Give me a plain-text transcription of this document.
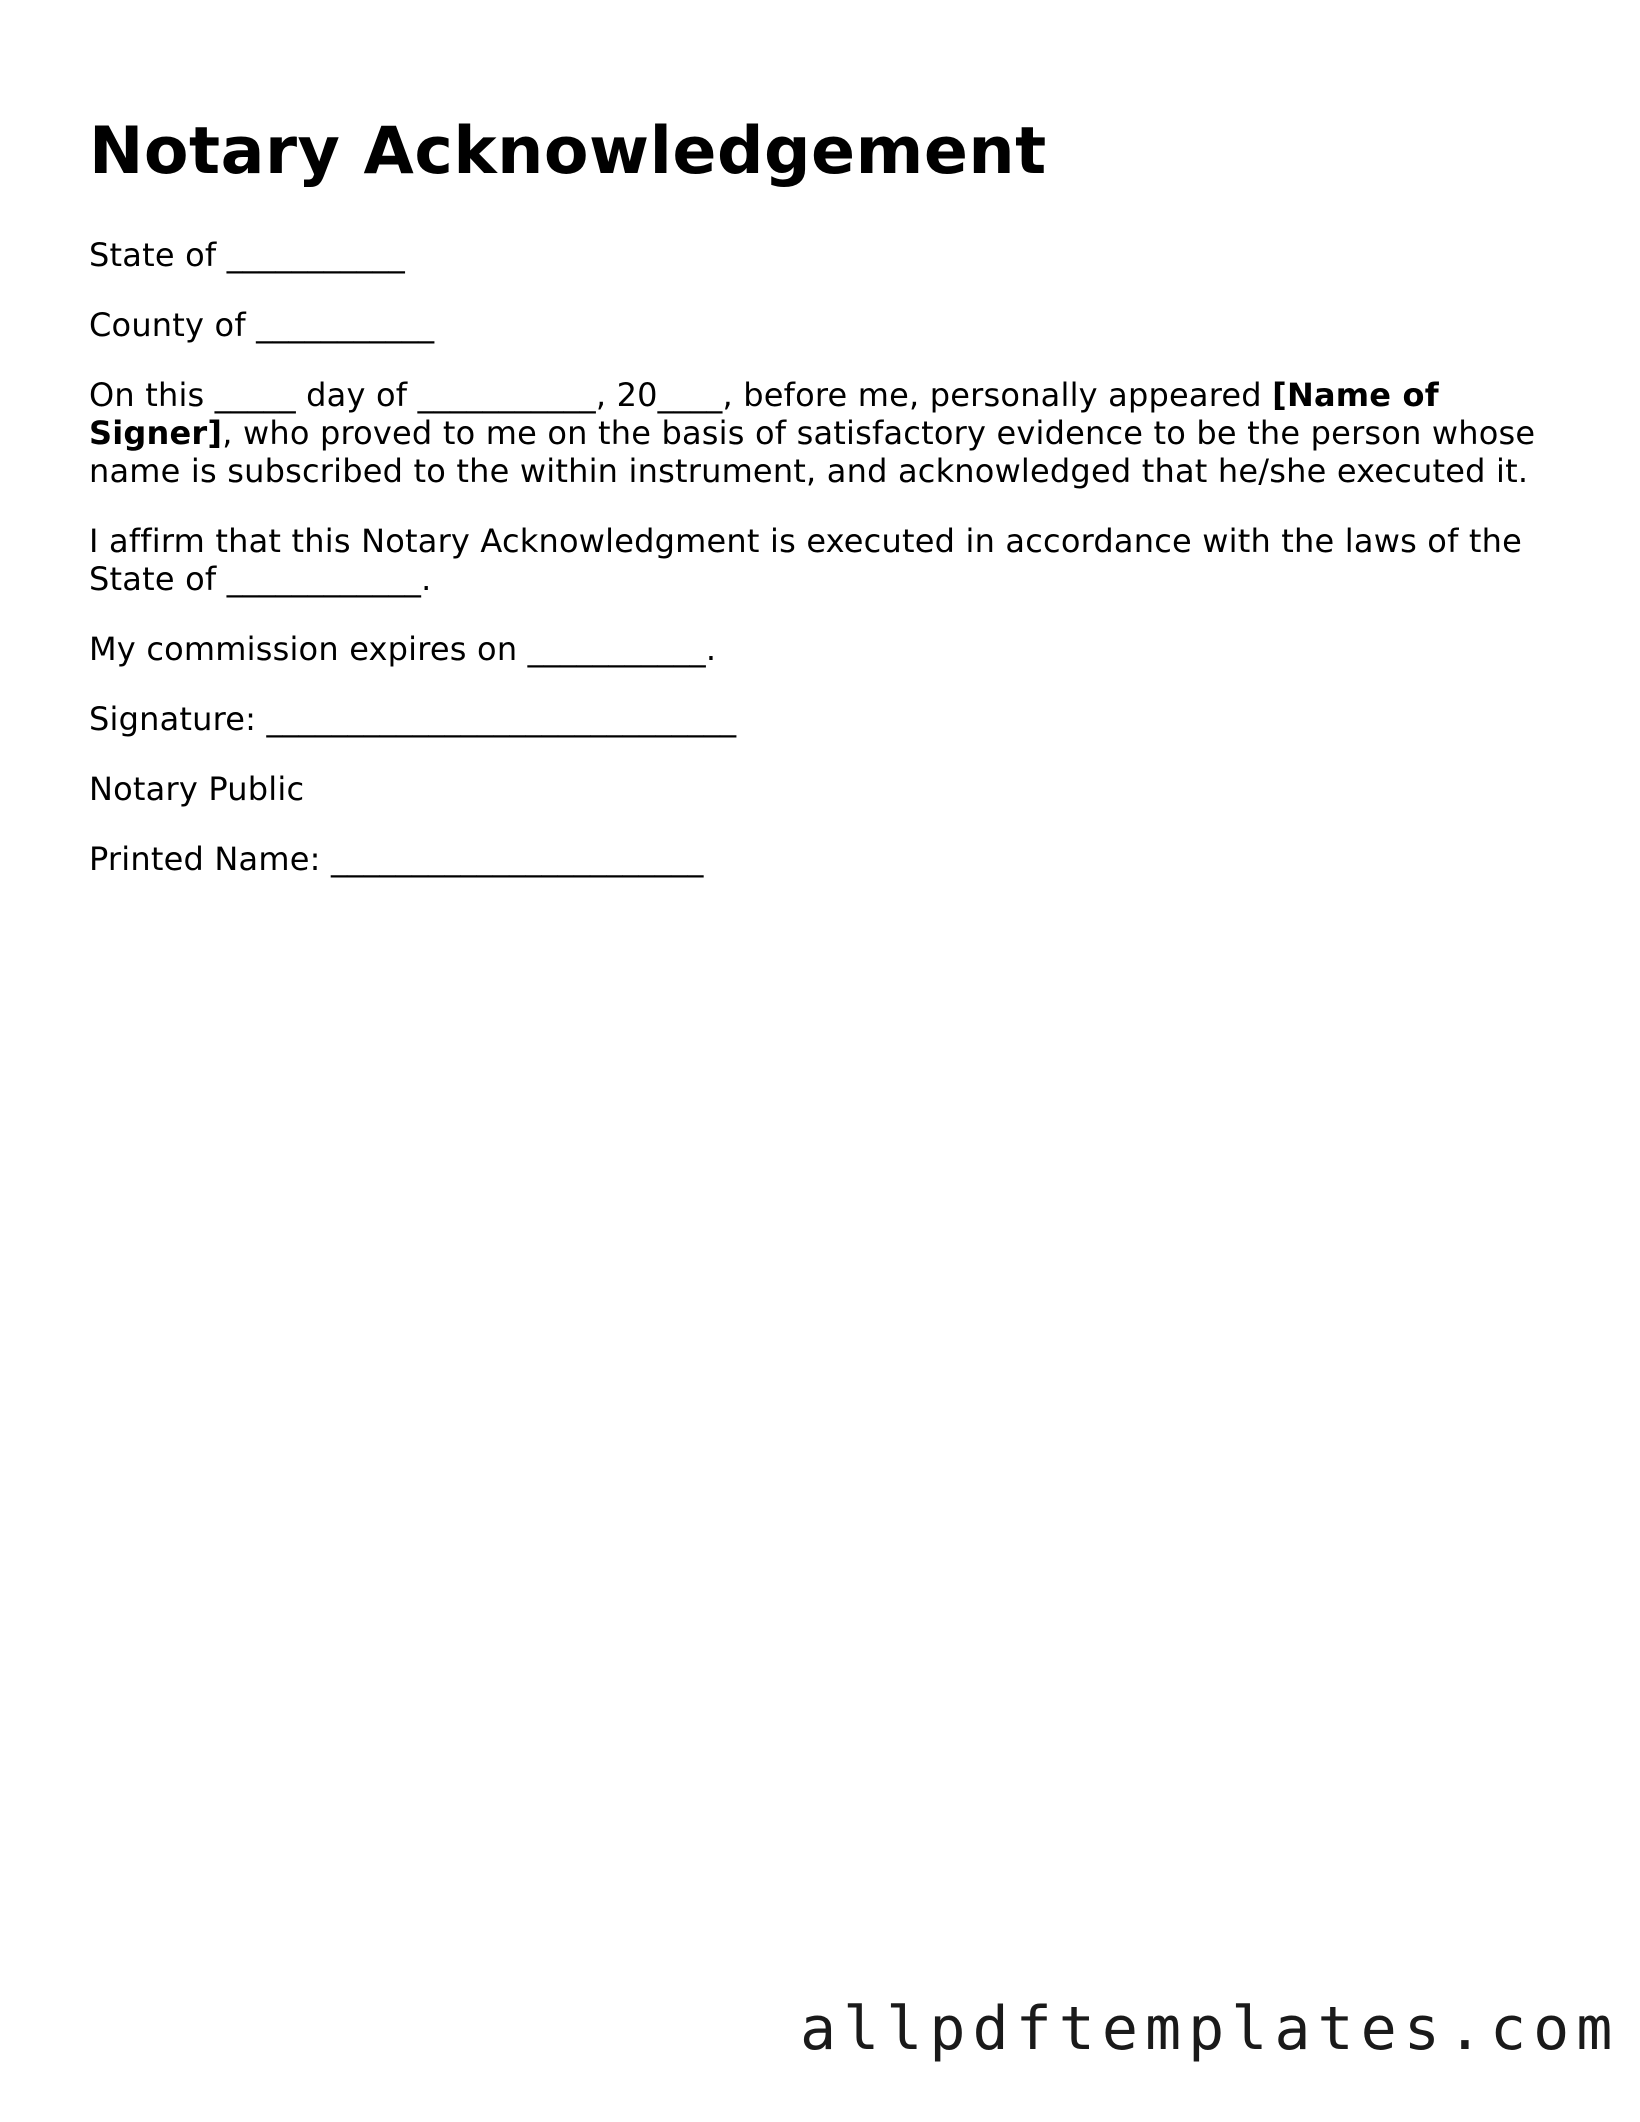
Notary Acknowledgement

State of ___________

County of ___________

On this _____ day of ___________, 20____, before me, personally appeared [Name of Signer], who proved to me on the basis of satisfactory evidence to be the person whose name is subscribed to the within instrument, and acknowledged that he/she executed it.

I affirm that this Notary Acknowledgment is executed in accordance with the laws of the State of ____________.

My commission expires on ___________.

Signature: _____________________________

Notary Public

Printed Name: _______________________

allpdftemplates.com
